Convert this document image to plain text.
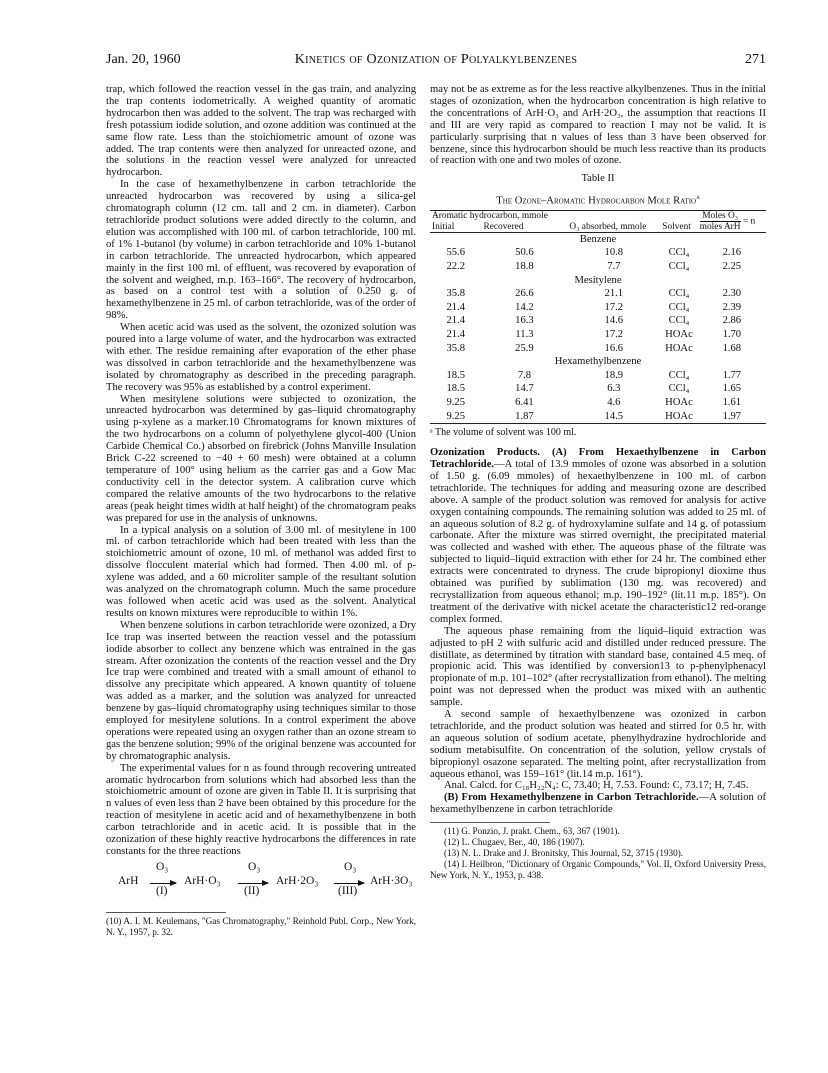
Jan. 20, 1960	Kinetics of Ozonization of Polyalkylbenzenes	271

trap, which followed the reaction vessel in the gas train, and analyzing the trap contents iodometrically. A weighed quantity of aromatic hydrocarbon then was added to the solvent. The trap was recharged with fresh potassium iodide solution, and ozone addition was continued at the same flow rate. Less than the stoichiometric amount of ozone was added. The trap contents were then analyzed for unreacted ozone, and the solutions in the reaction vessel were analyzed for unreacted hydrocarbon.

In the case of hexamethylbenzene in carbon tetrachloride the unreacted hydrocarbon was recovered by using a silica-gel chromatograph column (12 cm. tall and 2 cm. in diameter). Carbon tetrachloride product solutions were added directly to the column, and elution was accomplished with 100 ml. of carbon tetrachloride, 100 ml. of 1% 1-butanol (by volume) in carbon tetrachloride and 10% 1-butanol in carbon tetrachloride. The unreacted hydrocarbon, which appeared mainly in the first 100 ml. of effluent, was recovered by evaporation of the solvent and weighed, m.p. 163–166°. The recovery of hydrocarbon, as based on a control test with a solution of 0.250 g. of hexamethylbenzene in 25 ml. of carbon tetrachloride, was of the order of 98%.

When acetic acid was used as the solvent, the ozonized solution was poured into a large volume of water, and the hydrocarbon was extracted with ether. The residue remaining after evaporation of the ether phase was dissolved in carbon tetrachloride and the hexamethylbenzene was isolated by chromatography as described in the preceding paragraph. The recovery was 95% as established by a control experiment.

When mesitylene solutions were subjected to ozonization, the unreacted hydrocarbon was determined by gas–liquid chromatography using p-xylene as a marker.10 Chromatograms for known mixtures of the two hydrocarbons on a column of polyethylene glycol-400 (Union Carbide Chemical Co.) absorbed on firebrick (Johns Manville Insulation Brick C-22 screened to −40 + 60 mesh) were obtained at a column temperature of 100° using helium as the carrier gas and a Gow Mac conductivity cell in the detector system. A calibration curve which compared the relative amounts of the two hydrocarbons to the relative areas (peak height times width at half height) of the chromatogram peaks was prepared for use in the analysis of unknowns.

In a typical analysis on a solution of 3.00 ml. of mesitylene in 100 ml. of carbon tetrachloride which had been treated with less than the stoichiometric amount of ozone, 10 ml. of methanol was added first to dissolve flocculent material which had formed. Then 4.00 ml. of p-xylene was added, and a 60 microliter sample of the resultant solution was analyzed on the chromatograph column. Much the same procedure was followed when acetic acid was used as the solvent. Analytical results on known mixtures were reproducible to within 1%.

When benzene solutions in carbon tetrachloride were ozonized, a Dry Ice trap was inserted between the reaction vessel and the potassium iodide absorber to collect any benzene which was entrained in the gas stream. After ozonization the contents of the reaction vessel and the Dry Ice trap were combined and treated with a small amount of ethanol to dissolve any precipitate which appeared. A known quantity of toluene was added as a marker, and the solution was analyzed for unreacted benzene by gas–liquid chromatography using techniques similar to those employed for mesitylene solutions. In a control experiment the above operations were repeated using an oxygen rather than an ozone stream to gas the benzene solution; 99% of the original benzene was accounted for by chromatographic analysis.

The experimental values for n as found through recovering untreated aromatic hydrocarbon from solutions which had absorbed less than the stoichiometric amount of ozone are given in Table II. It is surprising that n values of even less than 2 have been obtained by this procedure for the reaction of mesitylene in acetic acid and of hexamethylbenzene in both carbon tetrachloride and in acetic acid. It is possible that in the ozonization of these highly reactive hydrocarbons the differences in rate constants for the three reactions

ArH
O₃
(I)
ArH·O₃
O₃
(II)
ArH·2O₃
O₃
(III)
ArH·3O₃
(10) A. I. M. Keulemans, "Gas Chromatography," Reinhold Publ. Corp., New York, N. Y., 1957, p. 32.

may not be as extreme as for the less reactive alkylbenzenes. Thus in the initial stages of ozonization, when the hydrocarbon concentration is high relative to the concentrations of ArH·O₃ and ArH·2O₃, the assumption that reactions II and III are very rapid as compared to reaction I may not be valid. It is particularly surprising that n values of less than 3 have been observed for benzene, since this hydrocarbon should be much less reactive than its products of reaction with one and two moles of ozone.

Table II
The Ozone–Aromatic Hydrocarbon Mole Ratio$^a$

Aromatic hydrocarbon, mmole		O₃ absorbed, mmole	Solvent	Moles O₃
moles ArH
= n
Initial	Recovered			

Benzene				
55.6	50.6	10.8	CCl₄	2.16
22.2	18.8	7.7	CCl₄	2.25
Mesitylene				
35.8	26.6	21.1	CCl₄	2.30
21.4	14.2	17.2	CCl₄	2.39
21.4	16.3	14.6	CCl₄	2.86
21.4	11.3	17.2	HOAc	1.70
35.8	25.9	16.6	HOAc	1.68
Hexamethylbenzene				
18.5	7.8	18.9	CCl₄	1.77
18.5	14.7	6.3	CCl₄	1.65
9.25	6.41	4.6	HOAc	1.61
9.25	1.87	14.5	HOAc	1.97

ᵃ The volume of solvent was 100 ml.

Ozonization Products. (A) From Hexaethylbenzene in Carbon Tetrachloride.—A total of 13.9 mmoles of ozone was absorbed in a solution of 1.50 g. (6.09 mmoles) of hexaethylbenzene in 100 ml. of carbon tetrachloride. The techniques for adding and measuring ozone are described above. A sample of the product solution was removed for analysis for active oxygen containing compounds. The remaining solution was added to 25 ml. of an aqueous solution of 8.2 g. of hydroxylamine sulfate and 14 g. of potassium carbonate. After the mixture was stirred overnight, the precipitated material was collected and washed with ether. The aqueous phase of the filtrate was subjected to liquid–liquid extraction with ether for 24 hr. The combined ether extracts were concentrated to dryness. The crude bipropionyl dioxime thus obtained was purified by sublimation (130 mg. was recovered) and recrystallization from aqueous ethanol; m.p. 190–192° (lit.11 m.p. 185°). On treatment of the derivative with nickel acetate the characteristic12 red-orange complex formed.

The aqueous phase remaining from the liquid–liquid extraction was adjusted to pH 2 with sulfuric acid and distilled under reduced pressure. The distillate, as determined by titration with standard base, contained 4.5 meq. of propionic acid. This was identified by conversion13 to p-phenylphenacyl propionate of m.p. 101–102° (after recrystallization from ethanol). The melting point was not depressed when the product was mixed with an authentic sample.

A second sample of hexaethylbenzene was ozonized in carbon tetrachloride, and the product solution was heated and stirred for 0.5 hr. with an aqueous solution of sodium acetate, phenylhydrazine hydrochloride and sodium metabisulfite. On concentration of the solution, yellow crystals of bipropionyl osazone separated. The melting point, after recrystallization from aqueous ethanol, was 159–161° (lit.14 m.p. 161°).

Anal. Calcd. for C₁₈H₂₂N₄: C, 73.40; H, 7.53. Found: C, 73.17; H, 7.45.

(B) From Hexamethylbenzene in Carbon Tetrachloride.—A solution of hexamethylbenzene in carbon tetrachloride

(11) G. Ponzio, J. prakt. Chem., 63, 367 (1901).

(12) L. Chugaev, Ber., 40, 186 (1907).

(13) N. L. Drake and J. Bronitsky, This Journal, 52, 3715 (1930).

(14) I. Heilbron, "Dictionary of Organic Compounds," Vol. II, Oxford University Press, New York, N. Y., 1953, p. 438.
